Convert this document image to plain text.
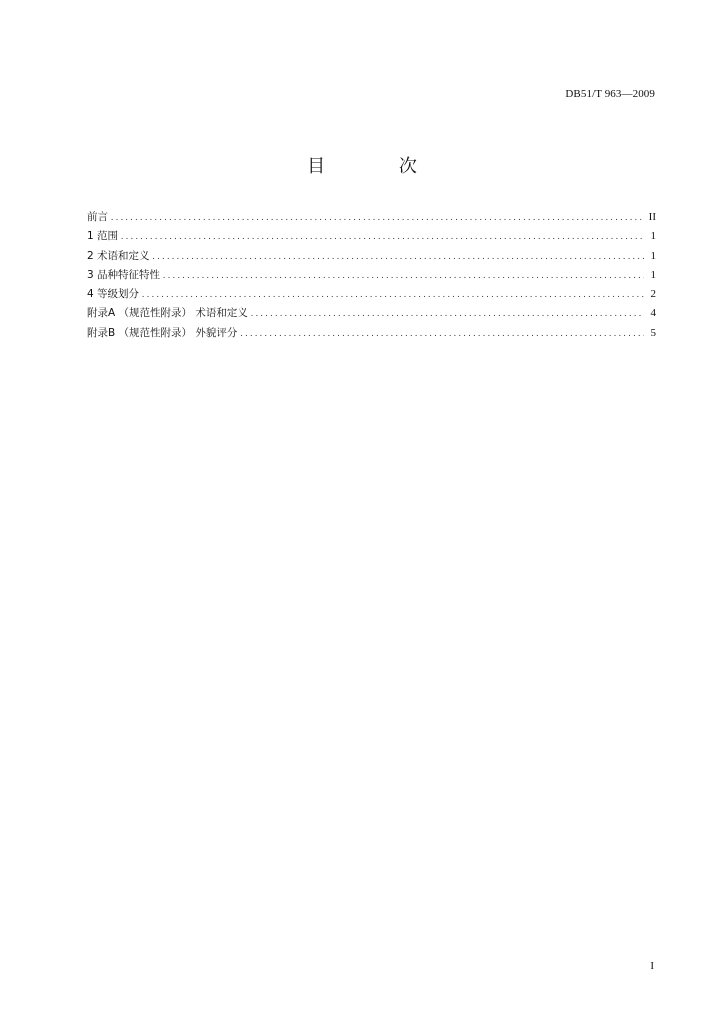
DB51/T 963—2009
目 次
前言 .....	II
1 范围 .....	1
2 术语和定义 .....	1
3 品种特征特性 .....	1
4 等级划分 .....	2
附录A （规范性附录） 术语和定义 .....	4
附录B （规范性附录） 外貌评分 .....	5
I
